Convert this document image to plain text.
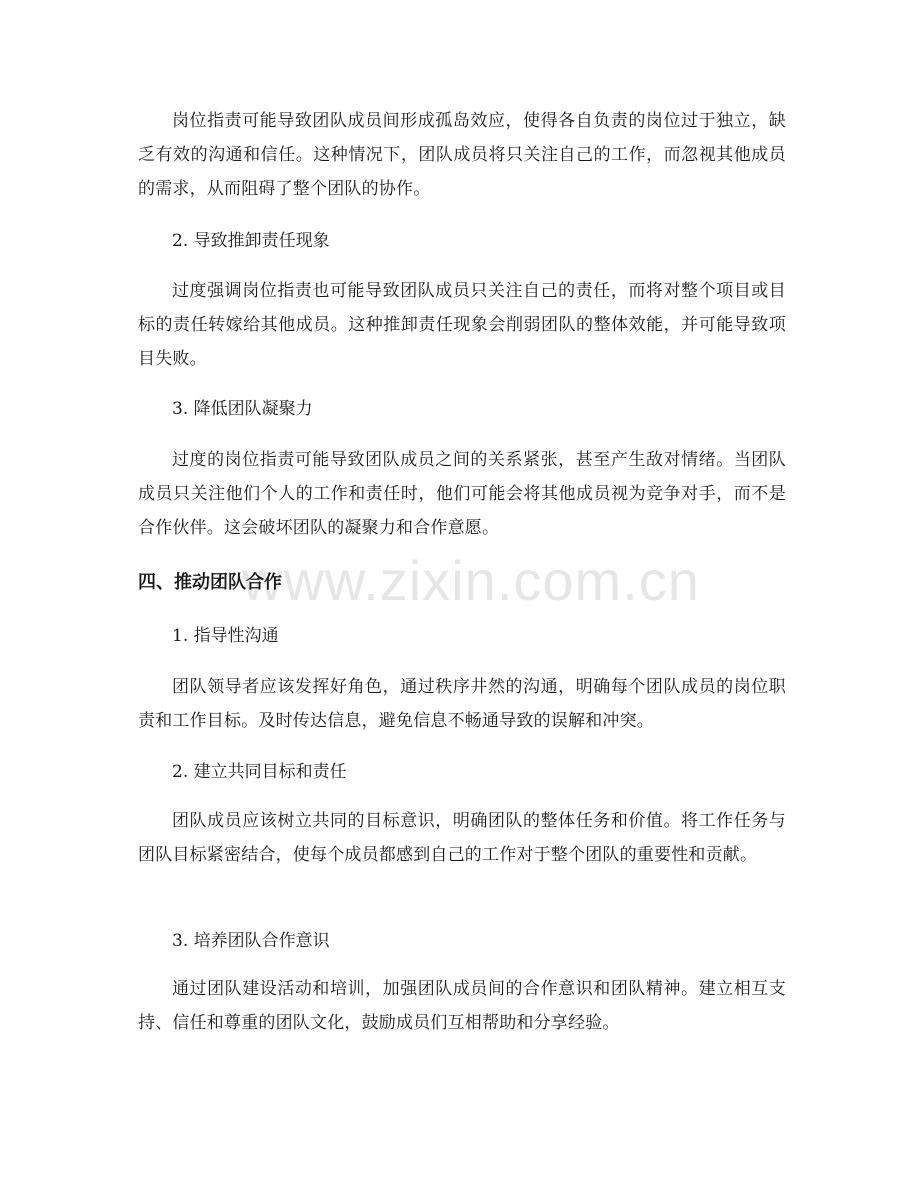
www.zixin.com.cn

岗位指责可能导致团队成员间形成孤岛效应，使得各自负责的岗位过于独立，缺乏有效的沟通和信任。这种情况下，团队成员将只关注自己的工作，而忽视其他成员的需求，从而阻碍了整个团队的协作。

2. 导致推卸责任现象

过度强调岗位指责也可能导致团队成员只关注自己的责任，而将对整个项目或目标的责任转嫁给其他成员。这种推卸责任现象会削弱团队的整体效能，并可能导致项目失败。

3. 降低团队凝聚力

过度的岗位指责可能导致团队成员之间的关系紧张，甚至产生敌对情绪。当团队成员只关注他们个人的工作和责任时，他们可能会将其他成员视为竞争对手，而不是合作伙伴。这会破坏团队的凝聚力和合作意愿。

四、推动团队合作

1. 指导性沟通

团队领导者应该发挥好角色，通过秩序井然的沟通，明确每个团队成员的岗位职责和工作目标。及时传达信息，避免信息不畅通导致的误解和冲突。

2. 建立共同目标和责任

团队成员应该树立共同的目标意识，明确团队的整体任务和价值。将工作任务与团队目标紧密结合，使每个成员都感到自己的工作对于整个团队的重要性和贡献。

3. 培养团队合作意识

通过团队建设活动和培训，加强团队成员间的合作意识和团队精神。建立相互支持、信任和尊重的团队文化，鼓励成员们互相帮助和分享经验。
